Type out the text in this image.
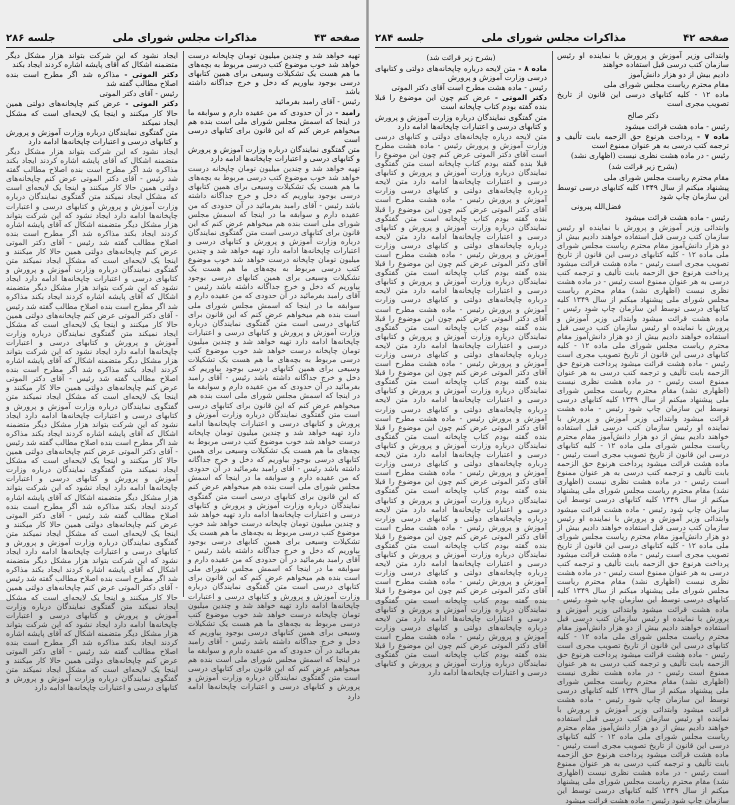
صفحه ۴۳
مذاکرات مجلس شورای ملی
جلسه ۲۸۶

تهیه خواهد شد و چندین میلیون تومان چاپخانه درست خواهد شد خوب موضوع کتب درسی مربوط به بچه‌های ما هم هست یک تشکیلات وسیعی برای همین کتابهای درسی بوجود بیاوریم که دخل و خرج جداگانه داشته باشد

رئیس - آقای رامبد بفرمائید

رامبد - در آن حدودی که من عقیده دارم و سوابقه ما در اینجا که اسمش مجلس شورای ملی است بنده هم میخواهم عرض کنم که این قانون برای کتابهای درسی است

متن گفتگوی نمایندگان درباره وزارت آموزش و پرورش و کتابهای درسی و اعتبارات چاپخانه‌ها ادامه دارد

تهیه خواهد شد و چندین میلیون تومان چاپخانه درست خواهد شد خوب موضوع کتب درسی مربوط به بچه‌های ما هم هست یک تشکیلات وسیعی برای همین کتابهای درسی بوجود بیاوریم که دخل و خرج جداگانه داشته باشد رئیس - آقای رامبد بفرمائید در آن حدودی که من عقیده دارم و سوابقه ما در اینجا که اسمش مجلس شورای ملی است بنده هم میخواهم عرض کنم که این قانون برای کتابهای درسی است متن گفتگوی نمایندگان درباره وزارت آموزش و پرورش و کتابهای درسی و اعتبارات چاپخانه‌ها ادامه دارد تهیه خواهد شد و چندین میلیون تومان چاپخانه درست خواهد شد خوب موضوع کتب درسی مربوط به بچه‌های ما هم هست یک تشکیلات وسیعی برای همین کتابهای درسی بوجود بیاوریم که دخل و خرج جداگانه داشته باشد رئیس - آقای رامبد بفرمائید در آن حدودی که من عقیده دارم و سوابقه ما در اینجا که اسمش مجلس شورای ملی است بنده هم میخواهم عرض کنم که این قانون برای کتابهای درسی است متن گفتگوی نمایندگان درباره وزارت آموزش و پرورش و کتابهای درسی و اعتبارات چاپخانه‌ها ادامه دارد تهیه خواهد شد و چندین میلیون تومان چاپخانه درست خواهد شد خوب موضوع کتب درسی مربوط به بچه‌های ما هم هست یک تشکیلات وسیعی برای همین کتابهای درسی بوجود بیاوریم که دخل و خرج جداگانه داشته باشد رئیس - آقای رامبد بفرمائید در آن حدودی که من عقیده دارم و سوابقه ما در اینجا که اسمش مجلس شورای ملی است بنده هم میخواهم عرض کنم که این قانون برای کتابهای درسی است متن گفتگوی نمایندگان درباره وزارت آموزش و پرورش و کتابهای درسی و اعتبارات چاپخانه‌ها ادامه دارد تهیه خواهد شد و چندین میلیون تومان چاپخانه درست خواهد شد خوب موضوع کتب درسی مربوط به بچه‌های ما هم هست یک تشکیلات وسیعی برای همین کتابهای درسی بوجود بیاوریم که دخل و خرج جداگانه داشته باشد رئیس - آقای رامبد بفرمائید در آن حدودی که من عقیده دارم و سوابقه ما در اینجا که اسمش مجلس شورای ملی است بنده هم میخواهم عرض کنم که این قانون برای کتابهای درسی است متن گفتگوی نمایندگان درباره وزارت آموزش و پرورش و کتابهای درسی و اعتبارات چاپخانه‌ها ادامه دارد تهیه خواهد شد و چندین میلیون تومان چاپخانه درست خواهد شد خوب موضوع کتب درسی مربوط به بچه‌های ما هم هست یک تشکیلات وسیعی برای همین کتابهای درسی بوجود بیاوریم که دخل و خرج جداگانه داشته باشد رئیس - آقای رامبد بفرمائید در آن حدودی که من عقیده دارم و سوابقه ما در اینجا که اسمش مجلس شورای ملی است بنده هم میخواهم عرض کنم که این قانون برای کتابهای درسی است متن گفتگوی نمایندگان درباره وزارت آموزش و پرورش و کتابهای درسی و اعتبارات چاپخانه‌ها ادامه دارد تهیه خواهد شد و چندین میلیون تومان چاپخانه درست خواهد شد خوب موضوع کتب درسی مربوط به بچه‌های ما هم هست یک تشکیلات وسیعی برای همین کتابهای درسی بوجود بیاوریم که دخل و خرج جداگانه داشته باشد رئیس - آقای رامبد بفرمائید در آن حدودی که من عقیده دارم و سوابقه ما در اینجا که اسمش مجلس شورای ملی است بنده هم میخواهم عرض کنم که این قانون برای کتابهای درسی است متن گفتگوی نمایندگان درباره وزارت آموزش و پرورش و کتابهای درسی و اعتبارات چاپخانه‌ها ادامه دارد

ایجاد نشود که این شرکت بتواند هزار مشکل دیگر متضمنه اشکال که آقای پایشه اشاره کردند ایجاد بکند

دکتر الموتی - مذاکره شد اگر مطرح است بنده اصلاح مطالب گفته شد

رئیس - آقای دکتر الموتی

دکتر الموتی - عرض کنم چاپخانه‌های دولتی همین حالا کار میکنند و اینجا یک لایحه‌ای است که مشکل ایجاد نمیکند

متن گفتگوی نمایندگان درباره وزارت آموزش و پرورش و کتابهای درسی و اعتبارات چاپخانه‌ها ادامه دارد

ایجاد نشود که این شرکت بتواند هزار مشکل دیگر متضمنه اشکال که آقای پایشه اشاره کردند ایجاد بکند مذاکره شد اگر مطرح است بنده اصلاح مطالب گفته شد رئیس - آقای دکتر الموتی عرض کنم چاپخانه‌های دولتی همین حالا کار میکنند و اینجا یک لایحه‌ای است که مشکل ایجاد نمیکند متن گفتگوی نمایندگان درباره وزارت آموزش و پرورش و کتابهای درسی و اعتبارات چاپخانه‌ها ادامه دارد ایجاد نشود که این شرکت بتواند هزار مشکل دیگر متضمنه اشکال که آقای پایشه اشاره کردند ایجاد بکند مذاکره شد اگر مطرح است بنده اصلاح مطالب گفته شد رئیس - آقای دکتر الموتی عرض کنم چاپخانه‌های دولتی همین حالا کار میکنند و اینجا یک لایحه‌ای است که مشکل ایجاد نمیکند متن گفتگوی نمایندگان درباره وزارت آموزش و پرورش و کتابهای درسی و اعتبارات چاپخانه‌ها ادامه دارد ایجاد نشود که این شرکت بتواند هزار مشکل دیگر متضمنه اشکال که آقای پایشه اشاره کردند ایجاد بکند مذاکره شد اگر مطرح است بنده اصلاح مطالب گفته شد رئیس - آقای دکتر الموتی عرض کنم چاپخانه‌های دولتی همین حالا کار میکنند و اینجا یک لایحه‌ای است که مشکل ایجاد نمیکند متن گفتگوی نمایندگان درباره وزارت آموزش و پرورش و کتابهای درسی و اعتبارات چاپخانه‌ها ادامه دارد ایجاد نشود که این شرکت بتواند هزار مشکل دیگر متضمنه اشکال که آقای پایشه اشاره کردند ایجاد بکند مذاکره شد اگر مطرح است بنده اصلاح مطالب گفته شد رئیس - آقای دکتر الموتی عرض کنم چاپخانه‌های دولتی همین حالا کار میکنند و اینجا یک لایحه‌ای است که مشکل ایجاد نمیکند متن گفتگوی نمایندگان درباره وزارت آموزش و پرورش و کتابهای درسی و اعتبارات چاپخانه‌ها ادامه دارد ایجاد نشود که این شرکت بتواند هزار مشکل دیگر متضمنه اشکال که آقای پایشه اشاره کردند ایجاد بکند مذاکره شد اگر مطرح است بنده اصلاح مطالب گفته شد رئیس - آقای دکتر الموتی عرض کنم چاپخانه‌های دولتی همین حالا کار میکنند و اینجا یک لایحه‌ای است که مشکل ایجاد نمیکند متن گفتگوی نمایندگان درباره وزارت آموزش و پرورش و کتابهای درسی و اعتبارات چاپخانه‌ها ادامه دارد ایجاد نشود که این شرکت بتواند هزار مشکل دیگر متضمنه اشکال که آقای پایشه اشاره کردند ایجاد بکند مذاکره شد اگر مطرح است بنده اصلاح مطالب گفته شد رئیس - آقای دکتر الموتی عرض کنم چاپخانه‌های دولتی همین حالا کار میکنند و اینجا یک لایحه‌ای است که مشکل ایجاد نمیکند متن گفتگوی نمایندگان درباره وزارت آموزش و پرورش و کتابهای درسی و اعتبارات چاپخانه‌ها ادامه دارد ایجاد نشود که این شرکت بتواند هزار مشکل دیگر متضمنه اشکال که آقای پایشه اشاره کردند ایجاد بکند مذاکره شد اگر مطرح است بنده اصلاح مطالب گفته شد رئیس - آقای دکتر الموتی عرض کنم چاپخانه‌های دولتی همین حالا کار میکنند و اینجا یک لایحه‌ای است که مشکل ایجاد نمیکند متن گفتگوی نمایندگان درباره وزارت آموزش و پرورش و کتابهای درسی و اعتبارات چاپخانه‌ها ادامه دارد ایجاد نشود که این شرکت بتواند هزار مشکل دیگر متضمنه اشکال که آقای پایشه اشاره کردند ایجاد بکند مذاکره شد اگر مطرح است بنده اصلاح مطالب گفته شد رئیس - آقای دکتر الموتی عرض کنم چاپخانه‌های دولتی همین حالا کار میکنند و اینجا یک لایحه‌ای است که مشکل ایجاد نمیکند متن گفتگوی نمایندگان درباره وزارت آموزش و پرورش و کتابهای درسی و اعتبارات چاپخانه‌ها ادامه دارد

صفحه ۴۲
مذاکرات مجلس شورای ملی
جلسه ۲۸۴

وابتدائی وزیر آموزش و پرورش با نماینده او رئیس سازمان کتب درسی قبل استفاده خواهند

دادیم بیش از دو هزار دانش‌آموز

مقام محترم ریاست مجلس شورای ملی

ماده ۱۲ - کلیه کتابهای درسی این قانون از تاریخ تصویب مجری است

دکتر صالح

رئیس - ماده هشت قرائت میشود

ماده ۷ - پرداخت هرنوع حق الزحمه بابت تألیف و ترجمه کتب درسی به هر عنوان ممنوع است

رئیس - در ماده هشت نظری نیست (اظهاری نشد)

(بشرح زیر قرائت شد)

مقام محترم ریاست مجلس شورای ملی

پیشنهاد میکنم از سال ۱۳۴۹ کلیه کتابهای درسی توسط این سازمان چاپ شود

فضل‌الله پیرونی

رئیس - ماده هشت قرائت میشود

وابتدائی وزیر آموزش و پرورش با نماینده او رئیس سازمان کتب درسی قبل استفاده خواهند دادیم بیش از دو هزار دانش‌آموز مقام محترم ریاست مجلس شورای ملی ماده ۱۲ - کلیه کتابهای درسی این قانون از تاریخ تصویب مجری است رئیس - ماده هشت قرائت میشود پرداخت هرنوع حق الزحمه بابت تألیف و ترجمه کتب درسی به هر عنوان ممنوع است رئیس - در ماده هشت نظری نیست (اظهاری نشد) مقام محترم ریاست مجلس شورای ملی پیشنهاد میکنم از سال ۱۳۴۹ کلیه کتابهای درسی توسط این سازمان چاپ شود رئیس - ماده هشت قرائت میشود وابتدائی وزیر آموزش و پرورش با نماینده او رئیس سازمان کتب درسی قبل استفاده خواهند دادیم بیش از دو هزار دانش‌آموز مقام محترم ریاست مجلس شورای ملی ماده ۱۲ - کلیه کتابهای درسی این قانون از تاریخ تصویب مجری است رئیس - ماده هشت قرائت میشود پرداخت هرنوع حق الزحمه بابت تألیف و ترجمه کتب درسی به هر عنوان ممنوع است رئیس - در ماده هشت نظری نیست (اظهاری نشد) مقام محترم ریاست مجلس شورای ملی پیشنهاد میکنم از سال ۱۳۴۹ کلیه کتابهای درسی توسط این سازمان چاپ شود رئیس - ماده هشت قرائت میشود وابتدائی وزیر آموزش و پرورش با نماینده او رئیس سازمان کتب درسی قبل استفاده خواهند دادیم بیش از دو هزار دانش‌آموز مقام محترم ریاست مجلس شورای ملی ماده ۱۲ - کلیه کتابهای درسی این قانون از تاریخ تصویب مجری است رئیس - ماده هشت قرائت میشود پرداخت هرنوع حق الزحمه بابت تألیف و ترجمه کتب درسی به هر عنوان ممنوع است رئیس - در ماده هشت نظری نیست (اظهاری نشد) مقام محترم ریاست مجلس شورای ملی پیشنهاد میکنم از سال ۱۳۴۹ کلیه کتابهای درسی توسط این سازمان چاپ شود رئیس - ماده هشت قرائت میشود وابتدائی وزیر آموزش و پرورش با نماینده او رئیس سازمان کتب درسی قبل استفاده خواهند دادیم بیش از دو هزار دانش‌آموز مقام محترم ریاست مجلس شورای ملی ماده ۱۲ - کلیه کتابهای درسی این قانون از تاریخ تصویب مجری است رئیس - ماده هشت قرائت میشود پرداخت هرنوع حق الزحمه بابت تألیف و ترجمه کتب درسی به هر عنوان ممنوع است رئیس - در ماده هشت نظری نیست (اظهاری نشد) مقام محترم ریاست مجلس شورای ملی پیشنهاد میکنم از سال ۱۳۴۹ کلیه کتابهای درسی توسط این سازمان چاپ شود رئیس - ماده هشت قرائت میشود وابتدائی وزیر آموزش و پرورش با نماینده او رئیس سازمان کتب درسی قبل استفاده خواهند دادیم بیش از دو هزار دانش‌آموز مقام محترم ریاست مجلس شورای ملی ماده ۱۲ - کلیه کتابهای درسی این قانون از تاریخ تصویب مجری است رئیس - ماده هشت قرائت میشود پرداخت هرنوع حق الزحمه بابت تألیف و ترجمه کتب درسی به هر عنوان ممنوع است رئیس - در ماده هشت نظری نیست (اظهاری نشد) مقام محترم ریاست مجلس شورای ملی پیشنهاد میکنم از سال ۱۳۴۹ کلیه کتابهای درسی توسط این سازمان چاپ شود رئیس - ماده هشت قرائت میشود وابتدائی وزیر آموزش و پرورش با نماینده او رئیس سازمان کتب درسی قبل استفاده خواهند دادیم بیش از دو هزار دانش‌آموز مقام محترم ریاست مجلس شورای ملی ماده ۱۲ - کلیه کتابهای درسی این قانون از تاریخ تصویب مجری است رئیس - ماده هشت قرائت میشود پرداخت هرنوع حق الزحمه بابت تألیف و ترجمه کتب درسی به هر عنوان ممنوع است رئیس - در ماده هشت نظری نیست (اظهاری نشد) مقام محترم ریاست مجلس شورای ملی پیشنهاد میکنم از سال ۱۳۴۹ کلیه کتابهای درسی توسط این سازمان چاپ شود رئیس - ماده هشت قرائت میشود

(بشرح زیر قرائت شد)

ماده ۸ - متن لایحه درباره چاپخانه‌های دولتی و کتابهای درسی وزارت آموزش و پرورش

رئیس - ماده هشت مطرح است آقای دکتر الموتی

دکتر الموتی - عرض کنم چون این موضوع را قبلا بنده گفته بودم کتاب چاپخانه است

متن گفتگوی نمایندگان درباره وزارت آموزش و پرورش و کتابهای درسی و اعتبارات چاپخانه‌ها ادامه دارد

متن لایحه درباره چاپخانه‌های دولتی و کتابهای درسی وزارت آموزش و پرورش رئیس - ماده هشت مطرح است آقای دکتر الموتی عرض کنم چون این موضوع را قبلا بنده گفته بودم کتاب چاپخانه است متن گفتگوی نمایندگان درباره وزارت آموزش و پرورش و کتابهای درسی و اعتبارات چاپخانه‌ها ادامه دارد متن لایحه درباره چاپخانه‌های دولتی و کتابهای درسی وزارت آموزش و پرورش رئیس - ماده هشت مطرح است آقای دکتر الموتی عرض کنم چون این موضوع را قبلا بنده گفته بودم کتاب چاپخانه است متن گفتگوی نمایندگان درباره وزارت آموزش و پرورش و کتابهای درسی و اعتبارات چاپخانه‌ها ادامه دارد متن لایحه درباره چاپخانه‌های دولتی و کتابهای درسی وزارت آموزش و پرورش رئیس - ماده هشت مطرح است آقای دکتر الموتی عرض کنم چون این موضوع را قبلا بنده گفته بودم کتاب چاپخانه است متن گفتگوی نمایندگان درباره وزارت آموزش و پرورش و کتابهای درسی و اعتبارات چاپخانه‌ها ادامه دارد متن لایحه درباره چاپخانه‌های دولتی و کتابهای درسی وزارت آموزش و پرورش رئیس - ماده هشت مطرح است آقای دکتر الموتی عرض کنم چون این موضوع را قبلا بنده گفته بودم کتاب چاپخانه است متن گفتگوی نمایندگان درباره وزارت آموزش و پرورش و کتابهای درسی و اعتبارات چاپخانه‌ها ادامه دارد متن لایحه درباره چاپخانه‌های دولتی و کتابهای درسی وزارت آموزش و پرورش رئیس - ماده هشت مطرح است آقای دکتر الموتی عرض کنم چون این موضوع را قبلا بنده گفته بودم کتاب چاپخانه است متن گفتگوی نمایندگان درباره وزارت آموزش و پرورش و کتابهای درسی و اعتبارات چاپخانه‌ها ادامه دارد متن لایحه درباره چاپخانه‌های دولتی و کتابهای درسی وزارت آموزش و پرورش رئیس - ماده هشت مطرح است آقای دکتر الموتی عرض کنم چون این موضوع را قبلا بنده گفته بودم کتاب چاپخانه است متن گفتگوی نمایندگان درباره وزارت آموزش و پرورش و کتابهای درسی و اعتبارات چاپخانه‌ها ادامه دارد متن لایحه درباره چاپخانه‌های دولتی و کتابهای درسی وزارت آموزش و پرورش رئیس - ماده هشت مطرح است آقای دکتر الموتی عرض کنم چون این موضوع را قبلا بنده گفته بودم کتاب چاپخانه است متن گفتگوی نمایندگان درباره وزارت آموزش و پرورش و کتابهای درسی و اعتبارات چاپخانه‌ها ادامه دارد متن لایحه درباره چاپخانه‌های دولتی و کتابهای درسی وزارت آموزش و پرورش رئیس - ماده هشت مطرح است آقای دکتر الموتی عرض کنم چون این موضوع را قبلا بنده گفته بودم کتاب چاپخانه است متن گفتگوی نمایندگان درباره وزارت آموزش و پرورش و کتابهای درسی و اعتبارات چاپخانه‌ها ادامه دارد متن لایحه درباره چاپخانه‌های دولتی و کتابهای درسی وزارت آموزش و پرورش رئیس - ماده هشت مطرح است آقای دکتر الموتی عرض کنم چون این موضوع را قبلا بنده گفته بودم کتاب چاپخانه است متن گفتگوی نمایندگان درباره وزارت آموزش و پرورش و کتابهای درسی و اعتبارات چاپخانه‌ها ادامه دارد متن لایحه درباره چاپخانه‌های دولتی و کتابهای درسی وزارت آموزش و پرورش رئیس - ماده هشت مطرح است آقای دکتر الموتی عرض کنم چون این موضوع را قبلا بنده گفته بودم کتاب چاپخانه است متن گفتگوی نمایندگان درباره وزارت آموزش و پرورش و کتابهای درسی و اعتبارات چاپخانه‌ها ادامه دارد
